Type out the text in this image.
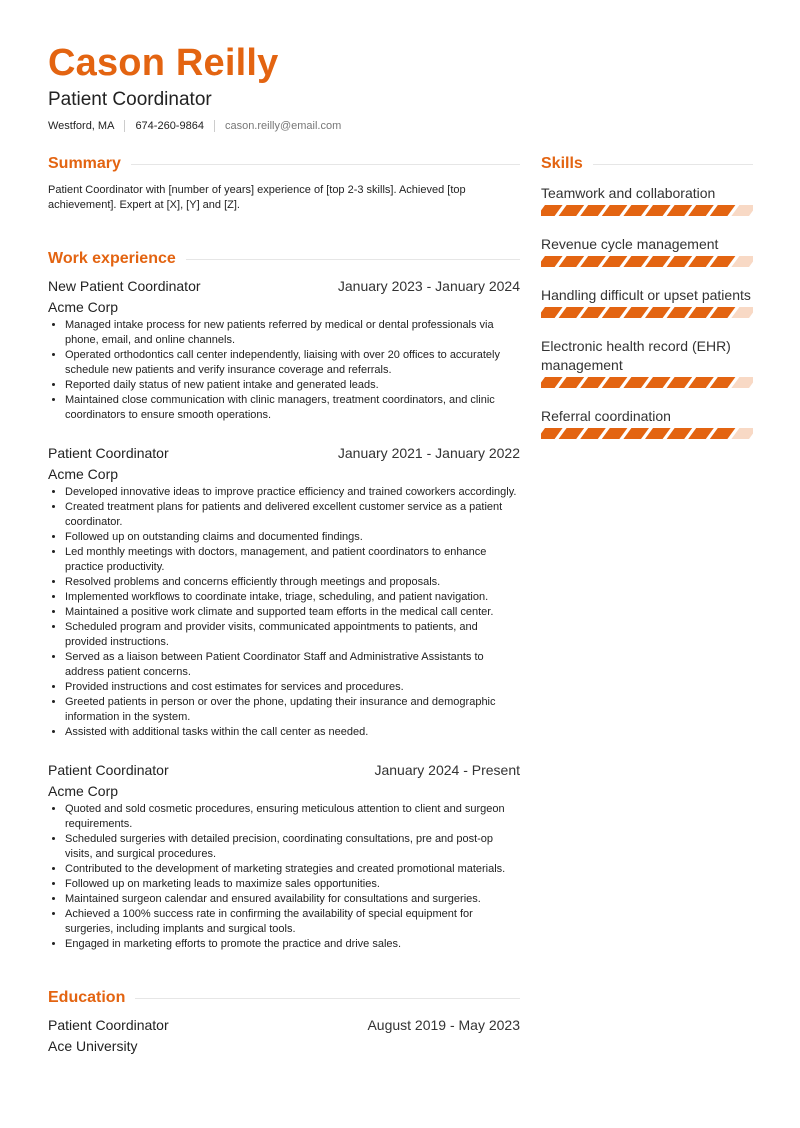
Cason Reilly
Patient Coordinator
Westford, MA 674-260-9864 cason.reilly@email.com
Summary

Patient Coordinator with [number of years] experience of [top 2-3 skills]. Achieved [top achievement]. Expert at [X], [Y] and [Z].

Work experience
New Patient Coordinator	January 2023 - January 2024
Acme Corp
• Managed intake process for new patients referred by medical or dental professionals via phone, email, and online channels.
• Operated orthodontics call center independently, liaising with over 20 offices to accurately schedule new patients and verify insurance coverage and referrals.
• Reported daily status of new patient intake and generated leads.
• Maintained close communication with clinic managers, treatment coordinators, and clinic coordinators to ensure smooth operations.
Patient Coordinator	January 2021 - January 2022
Acme Corp
• Developed innovative ideas to improve practice efficiency and trained coworkers accordingly.
• Created treatment plans for patients and delivered excellent customer service as a patient coordinator.
• Followed up on outstanding claims and documented findings.
• Led monthly meetings with doctors, management, and patient coordinators to enhance practice productivity.
• Resolved problems and concerns efficiently through meetings and proposals.
• Implemented workflows to coordinate intake, triage, scheduling, and patient navigation.
• Maintained a positive work climate and supported team efforts in the medical call center.
• Scheduled program and provider visits, communicated appointments to patients, and provided instructions.
• Served as a liaison between Patient Coordinator Staff and Administrative Assistants to address patient concerns.
• Provided instructions and cost estimates for services and procedures.
• Greeted patients in person or over the phone, updating their insurance and demographic information in the system.
• Assisted with additional tasks within the call center as needed.
Patient Coordinator	January 2024 - Present
Acme Corp
• Quoted and sold cosmetic procedures, ensuring meticulous attention to client and surgeon requirements.
• Scheduled surgeries with detailed precision, coordinating consultations, pre and post-op visits, and surgical procedures.
• Contributed to the development of marketing strategies and created promotional materials.
• Followed up on marketing leads to maximize sales opportunities.
• Maintained surgeon calendar and ensured availability for consultations and surgeries.
• Achieved a 100% success rate in confirming the availability of special equipment for surgeries, including implants and surgical tools.
• Engaged in marketing efforts to promote the practice and drive sales.
Education
Patient Coordinator	August 2019 - May 2023
Ace University
Skills
Teamwork and collaboration
Revenue cycle management
Handling difficult or upset patients
Electronic health record (EHR) management
Referral coordination
